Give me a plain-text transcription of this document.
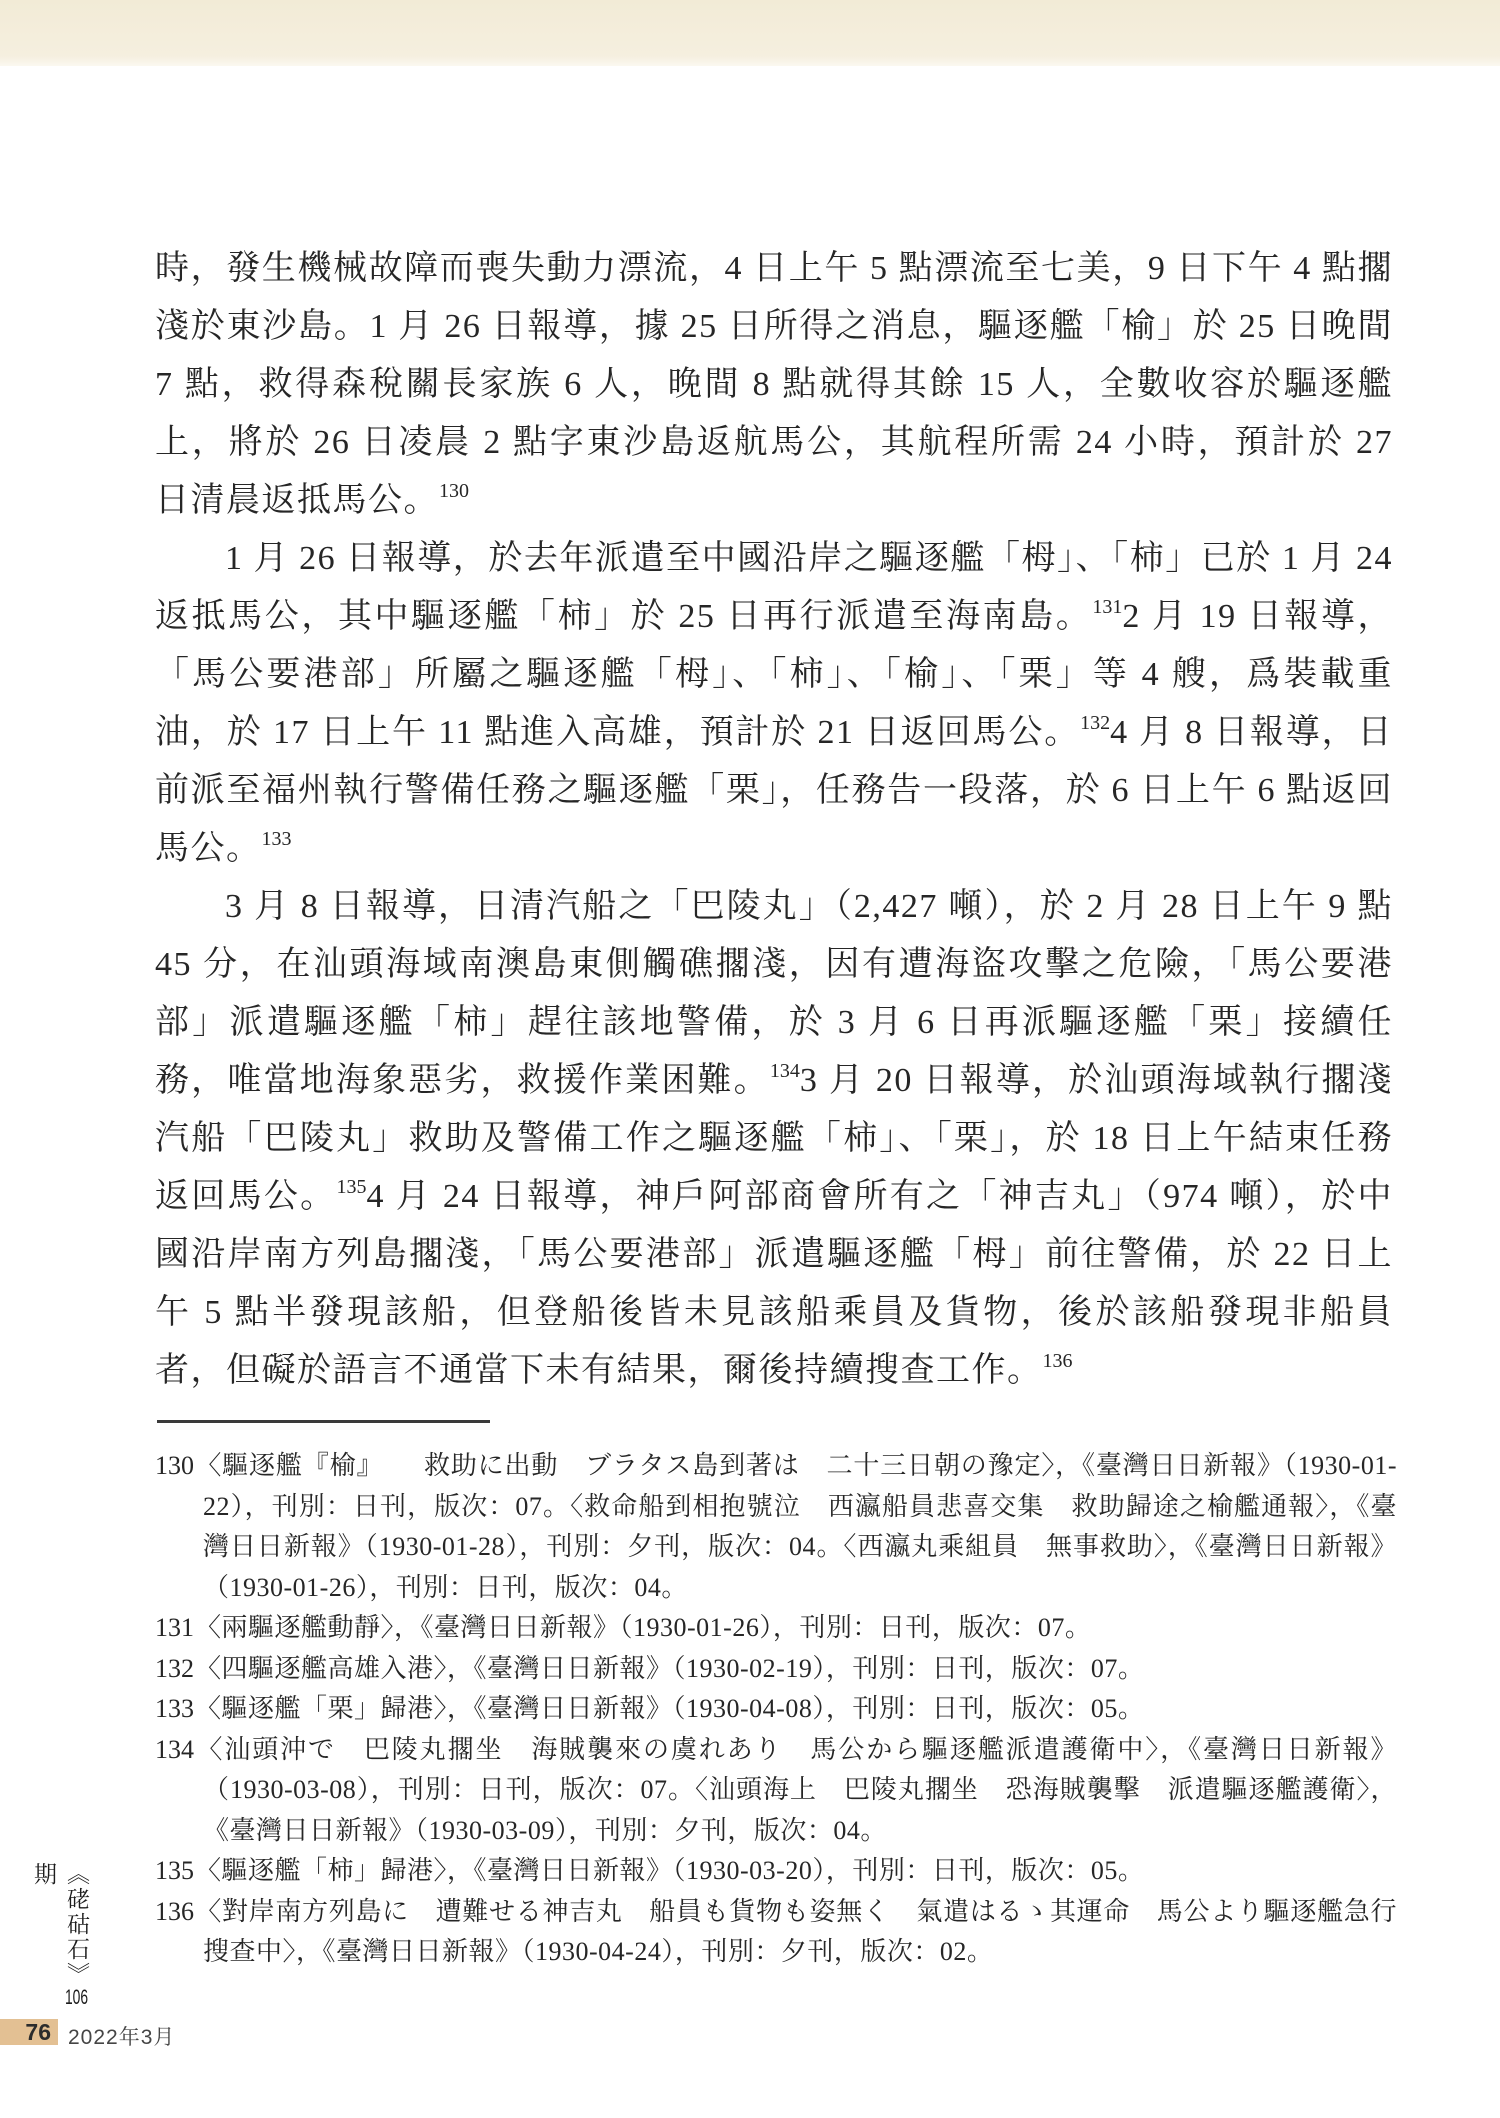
時，發生機械故障而喪失動力漂流，4 日上午 5 點漂流至七美，9 日下午 4 點擱淺於東沙島。1 月 26 日報導，據 25 日所得之消息，驅逐艦「榆」於 25 日晚間 7 點，救得森稅關長家族 6 人，晚間 8 點就得其餘 15 人，全數收容於驅逐艦上，將於 26 日凌晨 2 點字東沙島返航馬公，其航程所需 24 小時，預計於 27 日清晨返抵馬公。$^{130}$

1 月 26 日報導，於去年派遣至中國沿岸之驅逐艦「栂」、「柿」已於 1 月 24 返抵馬公，其中驅逐艦「柿」於 25 日再行派遣至海南島。$^{131}$2 月 19 日報導，「馬公要港部」所屬之驅逐艦「栂」、「柿」、「榆」、「栗」等 4 艘，爲裝載重油，於 17 日上午 11 點進入高雄，預計於 21 日返回馬公。$^{132}$4 月 8 日報導，日前派至福州執行警備任務之驅逐艦「栗」，任務告一段落，於 6 日上午 6 點返回馬公。$^{133}$

3 月 8 日報導，日清汽船之「巴陵丸」（2,427 噸），於 2 月 28 日上午 9 點 45 分，在汕頭海域南澳島東側觸礁擱淺，因有遭海盜攻擊之危險，「馬公要港部」派遣驅逐艦「柿」趕往該地警備，於 3 月 6 日再派驅逐艦「栗」接續任務，唯當地海象惡劣，救援作業困難。$^{134}$3 月 20 日報導，於汕頭海域執行擱淺汽船「巴陵丸」救助及警備工作之驅逐艦「柿」、「栗」，於 18 日上午結束任務返回馬公。$^{135}$4 月 24 日報導，神戶阿部商會所有之「神吉丸」（974 噸），於中國沿岸南方列島擱淺，「馬公要港部」派遣驅逐艦「栂」前往警備，於 22 日上午 5 點半發現該船，但登船後皆未見該船乘員及貨物，後於該船發現非船員者，但礙於語言不通當下未有結果，爾後持續搜查工作。$^{136}$

130〈驅逐艦『榆』　　救助に出動　ブラタス島到著は　二十三日朝の豫定〉，《臺灣日日新報》（1930-01-22），刊別：日刊，版次：07。〈救命船到相抱號泣　西瀛船員悲喜交集　救助歸途之榆艦通報〉，《臺灣日日新報》（1930-01-28），刊別：夕刊，版次：04。〈西瀛丸乘組員　無事救助〉，《臺灣日日新報》（1930-01-26），刊別：日刊，版次：04。

131〈兩驅逐艦動靜〉，《臺灣日日新報》（1930-01-26），刊別：日刊，版次：07。

132〈四驅逐艦高雄入港〉，《臺灣日日新報》（1930-02-19），刊別：日刊，版次：07。

133〈驅逐艦「栗」歸港〉，《臺灣日日新報》（1930-04-08），刊別：日刊，版次：05。

134〈汕頭沖で　巴陵丸擱坐　海賊襲來の虞れあり　馬公から驅逐艦派遣護衛中〉，《臺灣日日新報》（1930-03-08），刊別：日刊，版次：07。〈汕頭海上　巴陵丸擱坐　恐海賊襲擊　派遣驅逐艦護衛〉，《臺灣日日新報》（1930-03-09），刊別：夕刊，版次：04。

135〈驅逐艦「柿」歸港〉，《臺灣日日新報》（1930-03-20），刊別：日刊，版次：05。

136〈對岸南方列島に　遭難せる神吉丸　船員も貨物も姿無く　氣遣はるゝ其運命　馬公より驅逐艦急行搜查中〉，《臺灣日日新報》（1930-04-24），刊別：夕刊，版次：02。

《硓𥑮石》106期
76 2022年3月
